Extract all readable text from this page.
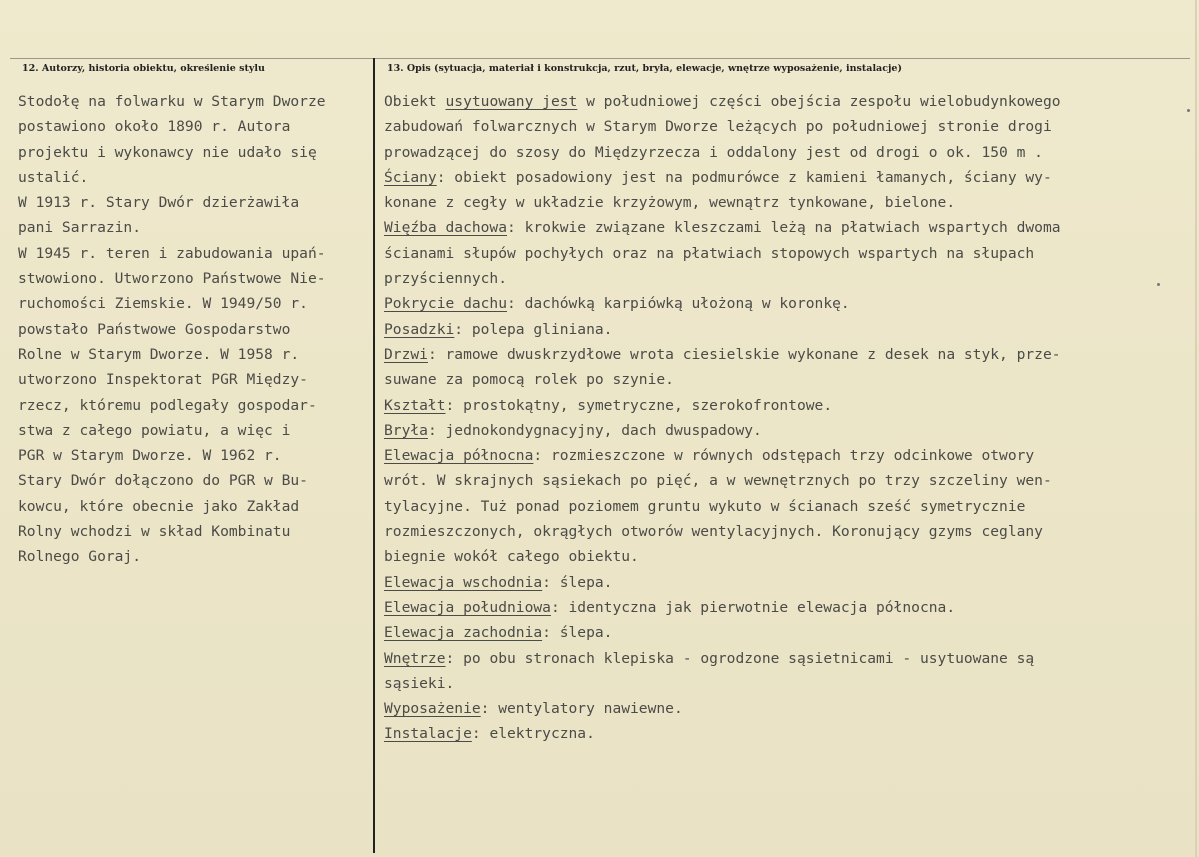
12. Autorzy, historia obiektu, określenie stylu	13. Opis (sytuacja, materiał i konstrukcja, rzut, bryła, elewacje, wnętrze wyposażenie, instalacje)
Stodołę na folwarku w Starym Dworze
postawiono około 1890 r. Autora
projektu i wykonawcy nie udało się
ustalić.
W 1913 r. Stary Dwór dzierżawiła
pani Sarrazin.
W 1945 r. teren i zabudowania upań-
stwowiono. Utworzono Państwowe Nie-
ruchomości Ziemskie. W 1949/50 r.
powstało Państwowe Gospodarstwo
Rolne w Starym Dworze. W 1958 r.
utworzono Inspektorat PGR Między-
rzecz, któremu podlegały gospodar-
stwa z całego powiatu, a więc i
PGR w Starym Dworze. W 1962 r.
Stary Dwór dołączono do PGR w Bu-
kowcu, które obecnie jako Zakład
Rolny wchodzi w skład Kombinatu
Rolnego Goraj.
Obiekt usytuowany jest w południowej części obejścia zespołu wielobudynkowego
zabudowań folwarcznych w Starym Dworze leżących po południowej stronie drogi
prowadzącej do szosy do Międzyrzecza i oddalony jest od drogi o ok. 150 m .
Ściany: obiekt posadowiony jest na podmurówce z kamieni łamanych, ściany wy-
konane z cegły w układzie krzyżowym, wewnątrz tynkowane, bielone.
Więźba dachowa: krokwie związane kleszczami leżą na płatwiach wspartych dwoma
ścianami słupów pochyłych oraz na płatwiach stopowych wspartych na słupach
przyściennych.
Pokrycie dachu: dachówką karpiówką ułożoną w koronkę.
Posadzki: polepa gliniana.
Drzwi: ramowe dwuskrzydłowe wrota ciesielskie wykonane z desek na styk, prze-
suwane za pomocą rolek po szynie.
Kształt: prostokątny, symetryczne, szerokofrontowe.
Bryła: jednokondygnacyjny, dach dwuspadowy.
Elewacja północna: rozmieszczone w równych odstępach trzy odcinkowe otwory
wrót. W skrajnych sąsiekach po pięć, a w wewnętrznych po trzy szczeliny wen-
tylacyjne. Tuż ponad poziomem gruntu wykuto w ścianach sześć symetrycznie
rozmieszczonych, okrągłych otworów wentylacyjnych. Koronujący gzyms ceglany
biegnie wokół całego obiektu.
Elewacja wschodnia: ślepa.
Elewacja południowa: identyczna jak pierwotnie elewacja północna.
Elewacja zachodnia: ślepa.
Wnętrze: po obu stronach klepiska - ogrodzone sąsietnicami - usytuowane są
sąsieki.
Wyposażenie: wentylatory nawiewne.
Instalacje: elektryczna.
